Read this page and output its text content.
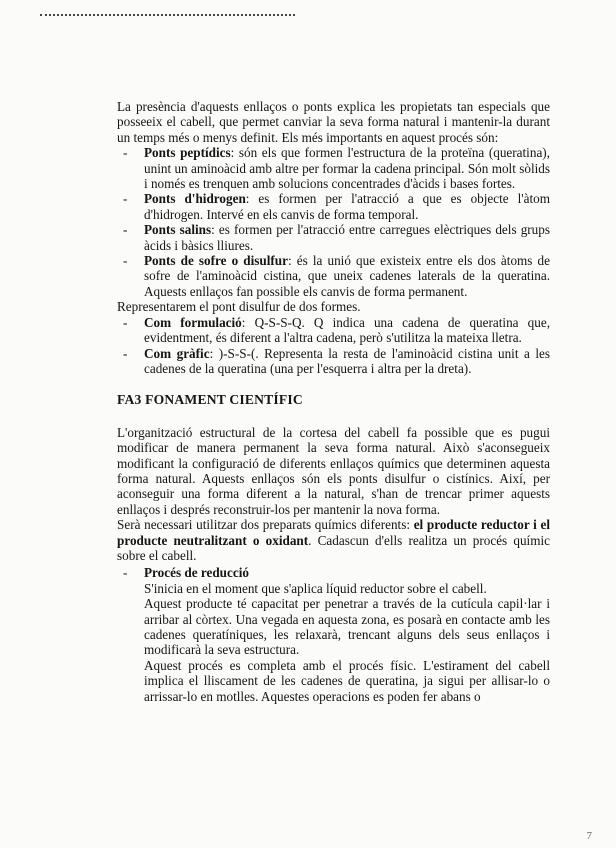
La presència d'aquests enllaços o ponts explica les propietats tan especials que posseeix el cabell, que permet canviar la seva forma natural i mantenir-la durant un temps més o menys definit. Els més importants en aquest procés són:

- Ponts peptídics: són els que formen l'estructura de la proteïna (queratina), unint un aminoàcid amb altre per formar la cadena principal. Són molt sòlids i només es trenquen amb solucions concentrades d'àcids i bases fortes.
- Ponts d'hidrogen: es formen per l'atracció a que es objecte l'àtom d'hidrogen. Intervé en els canvis de forma temporal.
- Ponts salins: es formen per l'atracció entre carregues elèctriques dels grups àcids i bàsics lliures.
- Ponts de sofre o disulfur: és la unió que existeix entre els dos àtoms de sofre de l'aminoàcid cistina, que uneix cadenes laterals de la queratina. Aquests enllaços fan possible els canvis de forma permanent.

Representarem el pont disulfur de dos formes.

- Com formulació: Q-S-S-Q. Q indica una cadena de queratina que, evidentment, és diferent a l'altra cadena, però s'utilitza la mateixa lletra.
- Com gràfic: )-S-S-(. Representa la resta de l'aminoàcid cistina unit a les cadenes de la queratina (una per l'esquerra i altra per la dreta).
FA3 FONAMENT CIENTÍFIC

L'organització estructural de la cortesa del cabell fa possible que es pugui modificar de manera permanent la seva forma natural. Això s'aconsegueix modificant la configuració de diferents enllaços químics que determinen aquesta forma natural. Aquests enllaços són els ponts disulfur o cistínics. Així, per aconseguir una forma diferent a la natural, s'han de trencar primer aquests enllaços i després reconstruir-los per mantenir la nova forma.

Serà necessari utilitzar dos preparats químics diferents: el producte reductor i el producte neutralitzant o oxidant. Cadascun d'ells realitza un procés químic sobre el cabell.

- Procés de reducció
S'inicia en el moment que s'aplica líquid reductor sobre el cabell.
Aquest producte té capacitat per penetrar a través de la cutícula capil·lar i arribar al còrtex. Una vegada en aquesta zona, es posarà en contacte amb les cadenes queratíniques, les relaxarà, trencant alguns dels seus enllaços i modificarà la seva estructura.
Aquest procés es completa amb el procés físic. L'estirament del cabell implica el lliscament de les cadenes de queratina, ja sigui per allisar-lo o arrissar-lo en motlles. Aquestes operacions es poden fer abans o
7
